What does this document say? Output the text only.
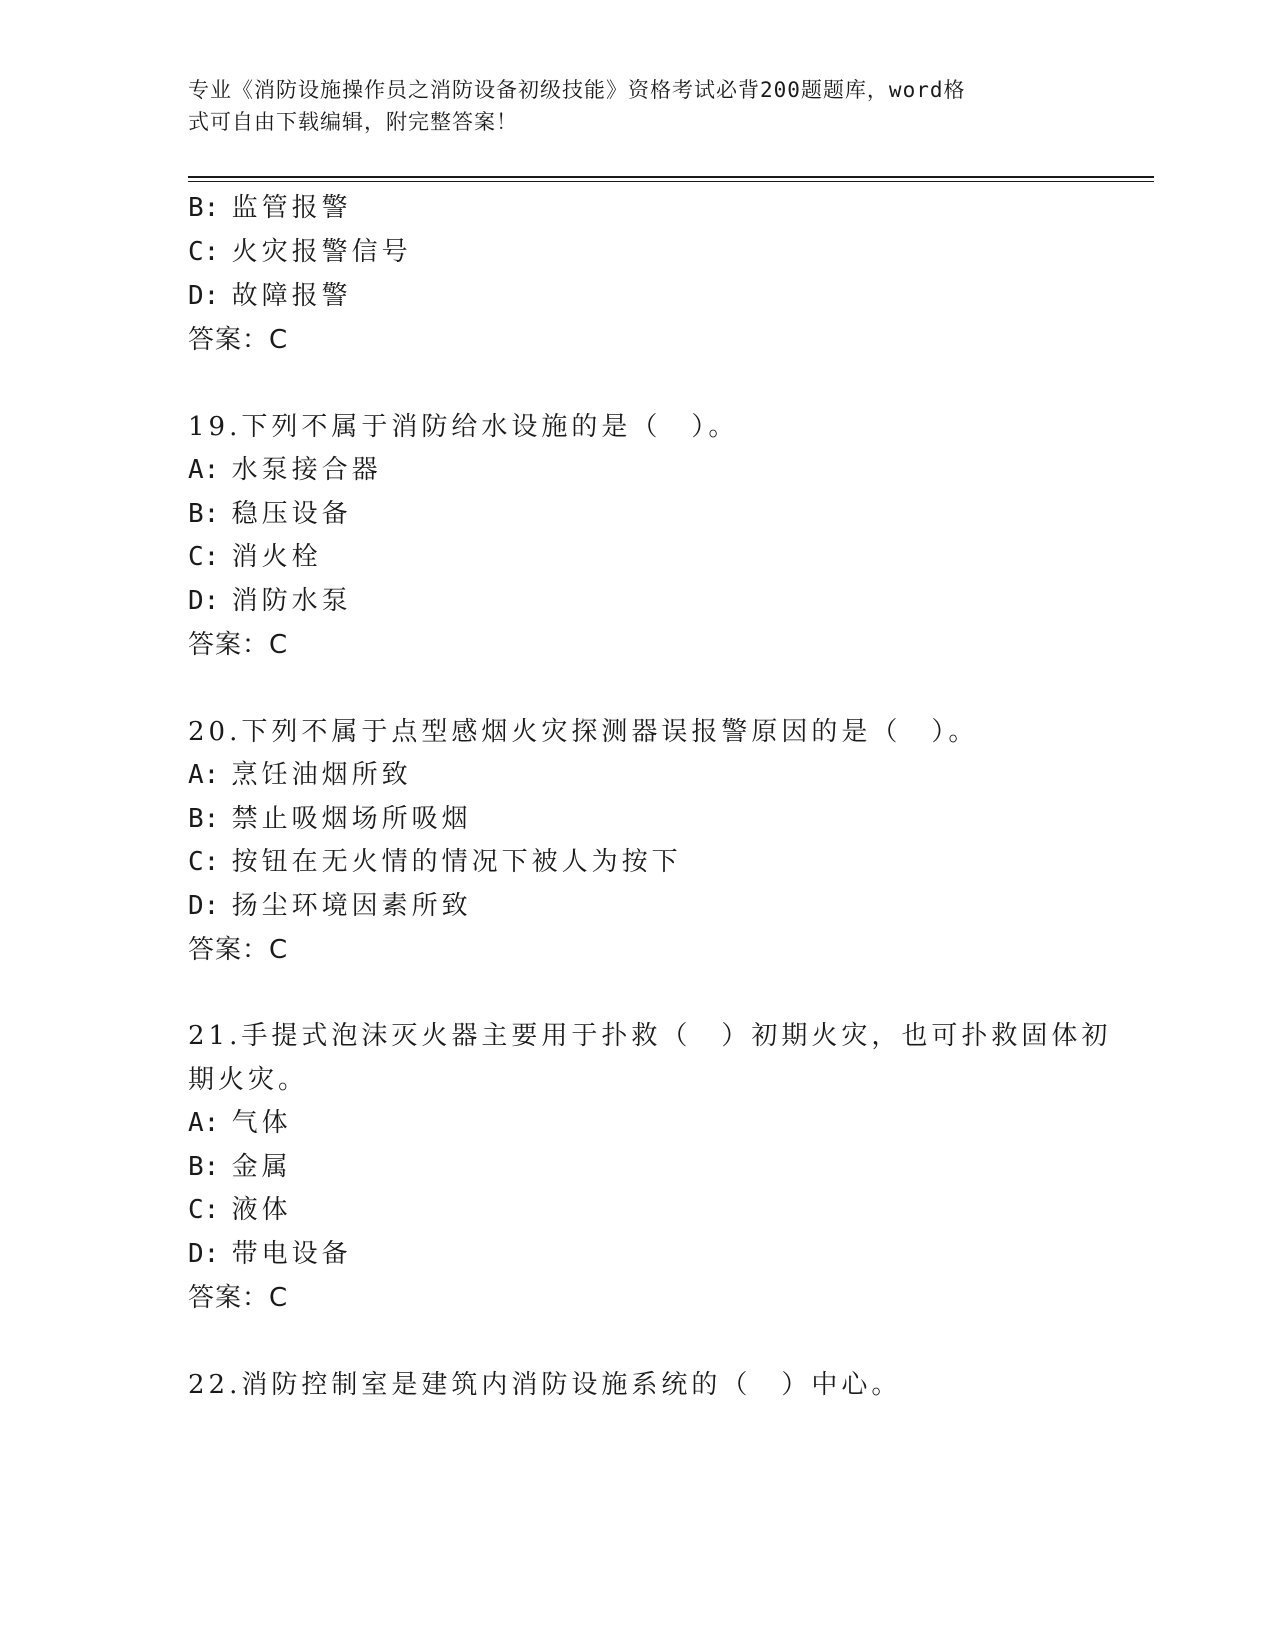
专业《消防设施操作员之消防设备初级技能》资格考试必背200题题库，word格

式可自由下载编辑，附完整答案！

B: 监管报警

C: 火灾报警信号

D: 故障报警

答案：C

19.下列不属于消防给水设施的是（　）。

A: 水泵接合器

B: 稳压设备

C: 消火栓

D: 消防水泵

答案：C

20.下列不属于点型感烟火灾探测器误报警原因的是（　）。

A: 烹饪油烟所致

B: 禁止吸烟场所吸烟

C: 按钮在无火情的情况下被人为按下

D: 扬尘环境因素所致

答案：C

21.手提式泡沫灭火器主要用于扑救（　）初期火灾，也可扑救固体初

期火灾。

A: 气体

B: 金属

C: 液体

D: 带电设备

答案：C

22.消防控制室是建筑内消防设施系统的（　）中心。
